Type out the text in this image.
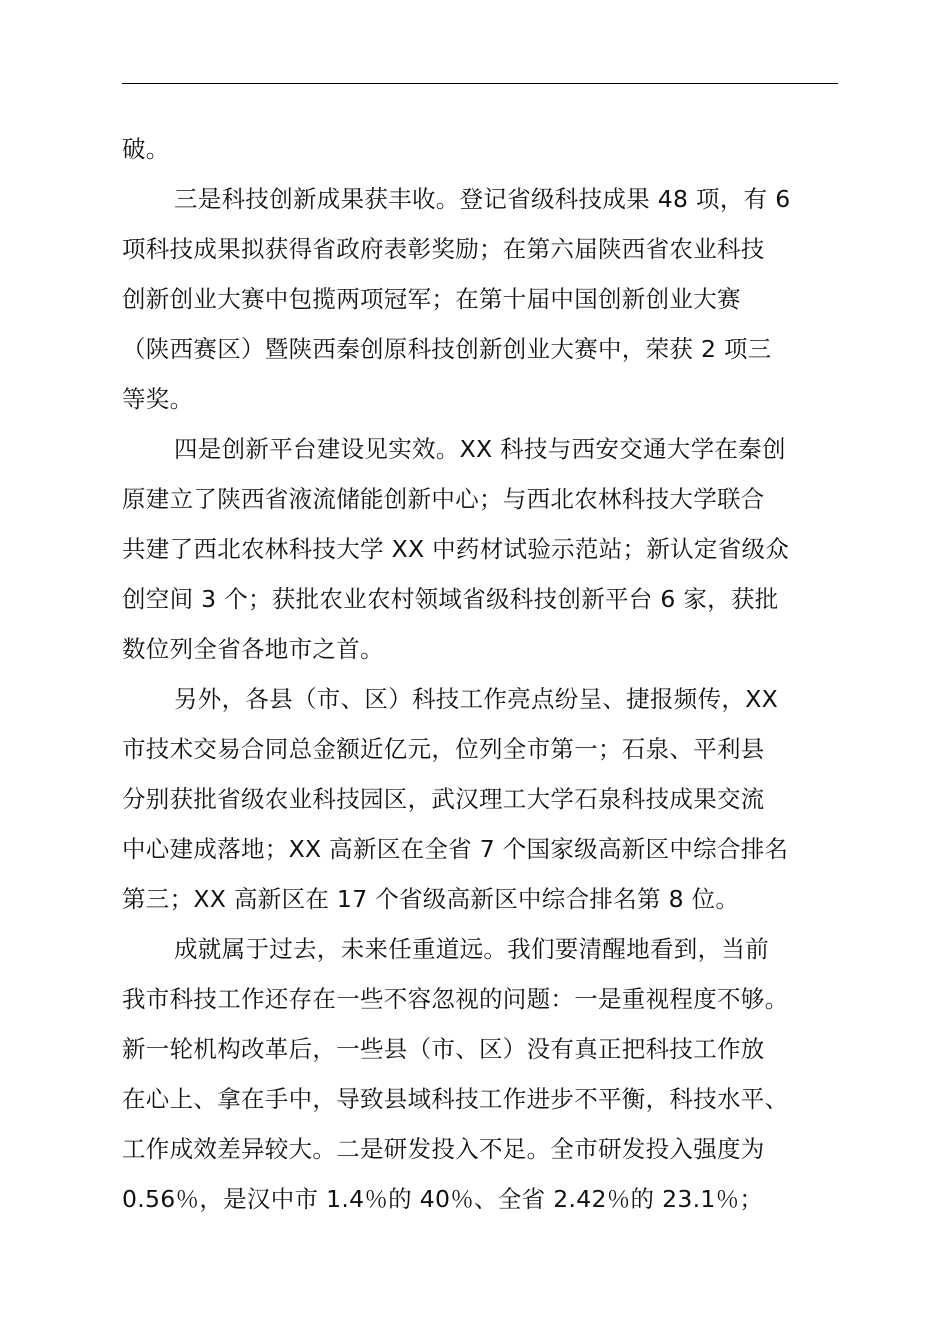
破。
三是科技创新成果获丰收。登记省级科技成果 48 项，有 6
项科技成果拟获得省政府表彰奖励；在第六届陕西省农业科技
创新创业大赛中包揽两项冠军；在第十届中国创新创业大赛
（陕西赛区）暨陕西秦创原科技创新创业大赛中，荣获 2 项三
等奖。
四是创新平台建设见实效。XX 科技与西安交通大学在秦创
原建立了陕西省液流储能创新中心；与西北农林科技大学联合
共建了西北农林科技大学 XX 中药材试验示范站；新认定省级众
创空间 3 个；获批农业农村领域省级科技创新平台 6 家，获批
数位列全省各地市之首。
另外，各县（市、区）科技工作亮点纷呈、捷报频传，XX
市技术交易合同总金额近亿元，位列全市第一；石泉、平利县
分别获批省级农业科技园区，武汉理工大学石泉科技成果交流
中心建成落地；XX 高新区在全省 7 个国家级高新区中综合排名
第三；XX 高新区在 17 个省级高新区中综合排名第 8 位。
成就属于过去，未来任重道远。我们要清醒地看到，当前
我市科技工作还存在一些不容忽视的问题：一是重视程度不够。
新一轮机构改革后，一些县（市、区）没有真正把科技工作放
在心上、拿在手中，导致县域科技工作进步不平衡，科技水平、
工作成效差异较大。二是研发投入不足。全市研发投入强度为
0.56％，是汉中市 1.4％的 40％、全省 2.42％的 23.1％；
